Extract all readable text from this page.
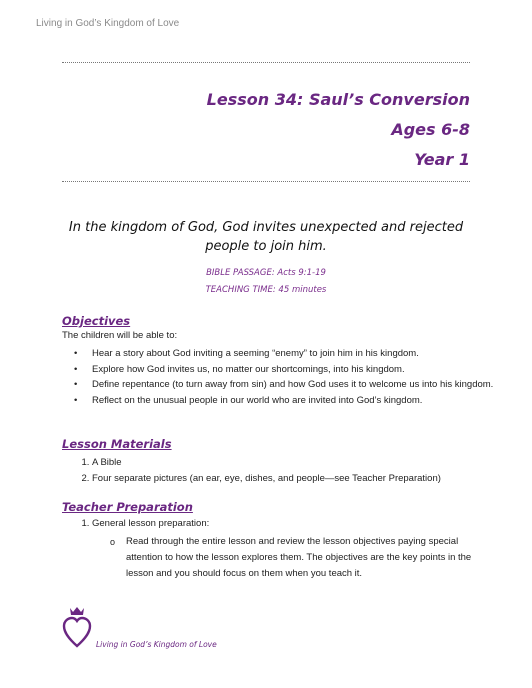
Living in God’s Kingdom of Love
Lesson 34: Saul’s Conversion
Ages 6-8
Year 1
In the kingdom of God, God invites unexpected and rejected people to join him.
BIBLE PASSAGE: Acts 9:1-19
TEACHING TIME: 45 minutes
Objectives
The children will be able to:
• Hear a story about God inviting a seeming “enemy” to join him in his kingdom.
• Explore how God invites us, no matter our shortcomings, into his kingdom.
• Define repentance (to turn away from sin) and how God uses it to welcome us into his kingdom.
• Reflect on the unusual people in our world who are invited into God’s kingdom.
Lesson Materials
1. A Bible
2. Four separate pictures (an ear, eye, dishes, and people—see Teacher Preparation)
Teacher Preparation
1. General lesson preparation:
o Read through the entire lesson and review the lesson objectives paying special attention to how the lesson explores them. The objectives are the key points in the lesson and you should focus on them when you teach it.
Living in God’s Kingdom of Love
